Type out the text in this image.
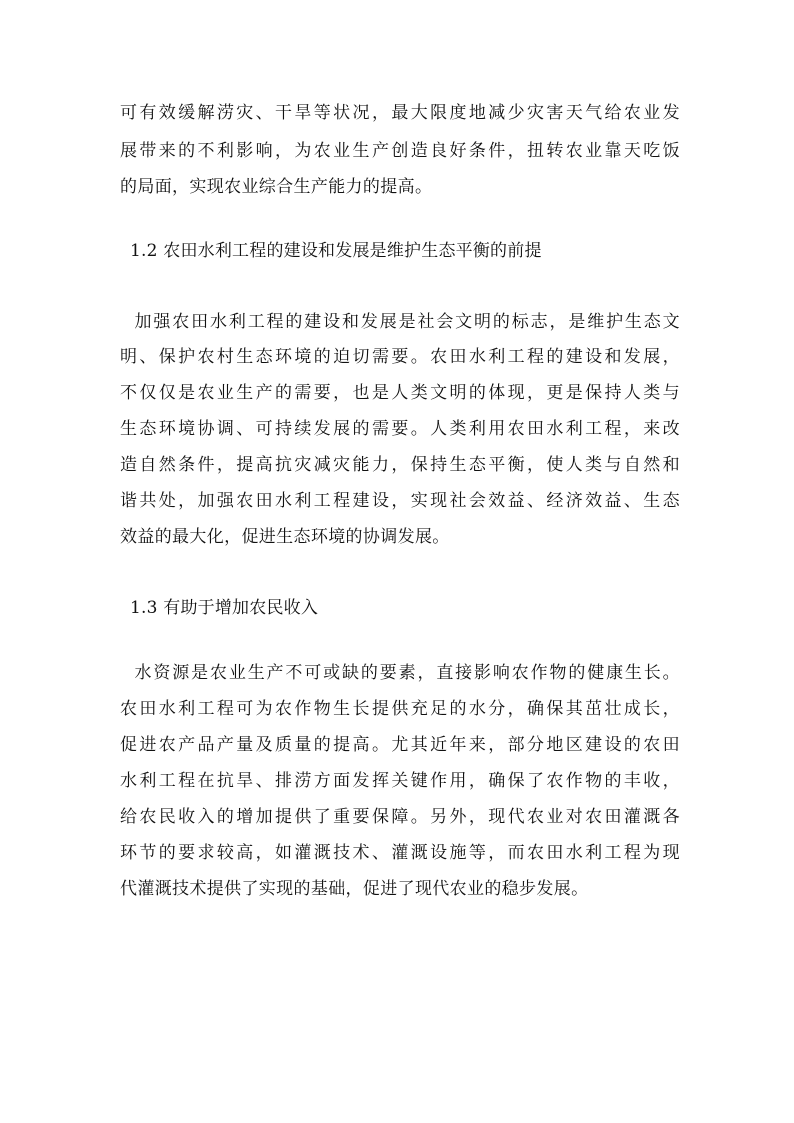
可有效缓解涝灾、干旱等状况，最大限度地减少灾害天气给农业发
展带来的不利影响，为农业生产创造良好条件，扭转农业靠天吃饭
的局面，实现农业综合生产能力的提高。
1.2 农田水利工程的建设和发展是维护生态平衡的前提
加强农田水利工程的建设和发展是社会文明的标志，是维护生态文
明、保护农村生态环境的迫切需要。农田水利工程的建设和发展，
不仅仅是农业生产的需要，也是人类文明的体现，更是保持人类与
生态环境协调、可持续发展的需要。人类利用农田水利工程，来改
造自然条件，提高抗灾减灾能力，保持生态平衡，使人类与自然和
谐共处，加强农田水利工程建设，实现社会效益、经济效益、生态
效益的最大化，促进生态环境的协调发展。
1.3 有助于增加农民收入
水资源是农业生产不可或缺的要素，直接影响农作物的健康生长。
农田水利工程可为农作物生长提供充足的水分，确保其茁壮成长，
促进农产品产量及质量的提高。尤其近年来，部分地区建设的农田
水利工程在抗旱、排涝方面发挥关键作用，确保了农作物的丰收，
给农民收入的增加提供了重要保障。另外，现代农业对农田灌溉各
环节的要求较高，如灌溉技术、灌溉设施等，而农田水利工程为现
代灌溉技术提供了实现的基础，促进了现代农业的稳步发展。
